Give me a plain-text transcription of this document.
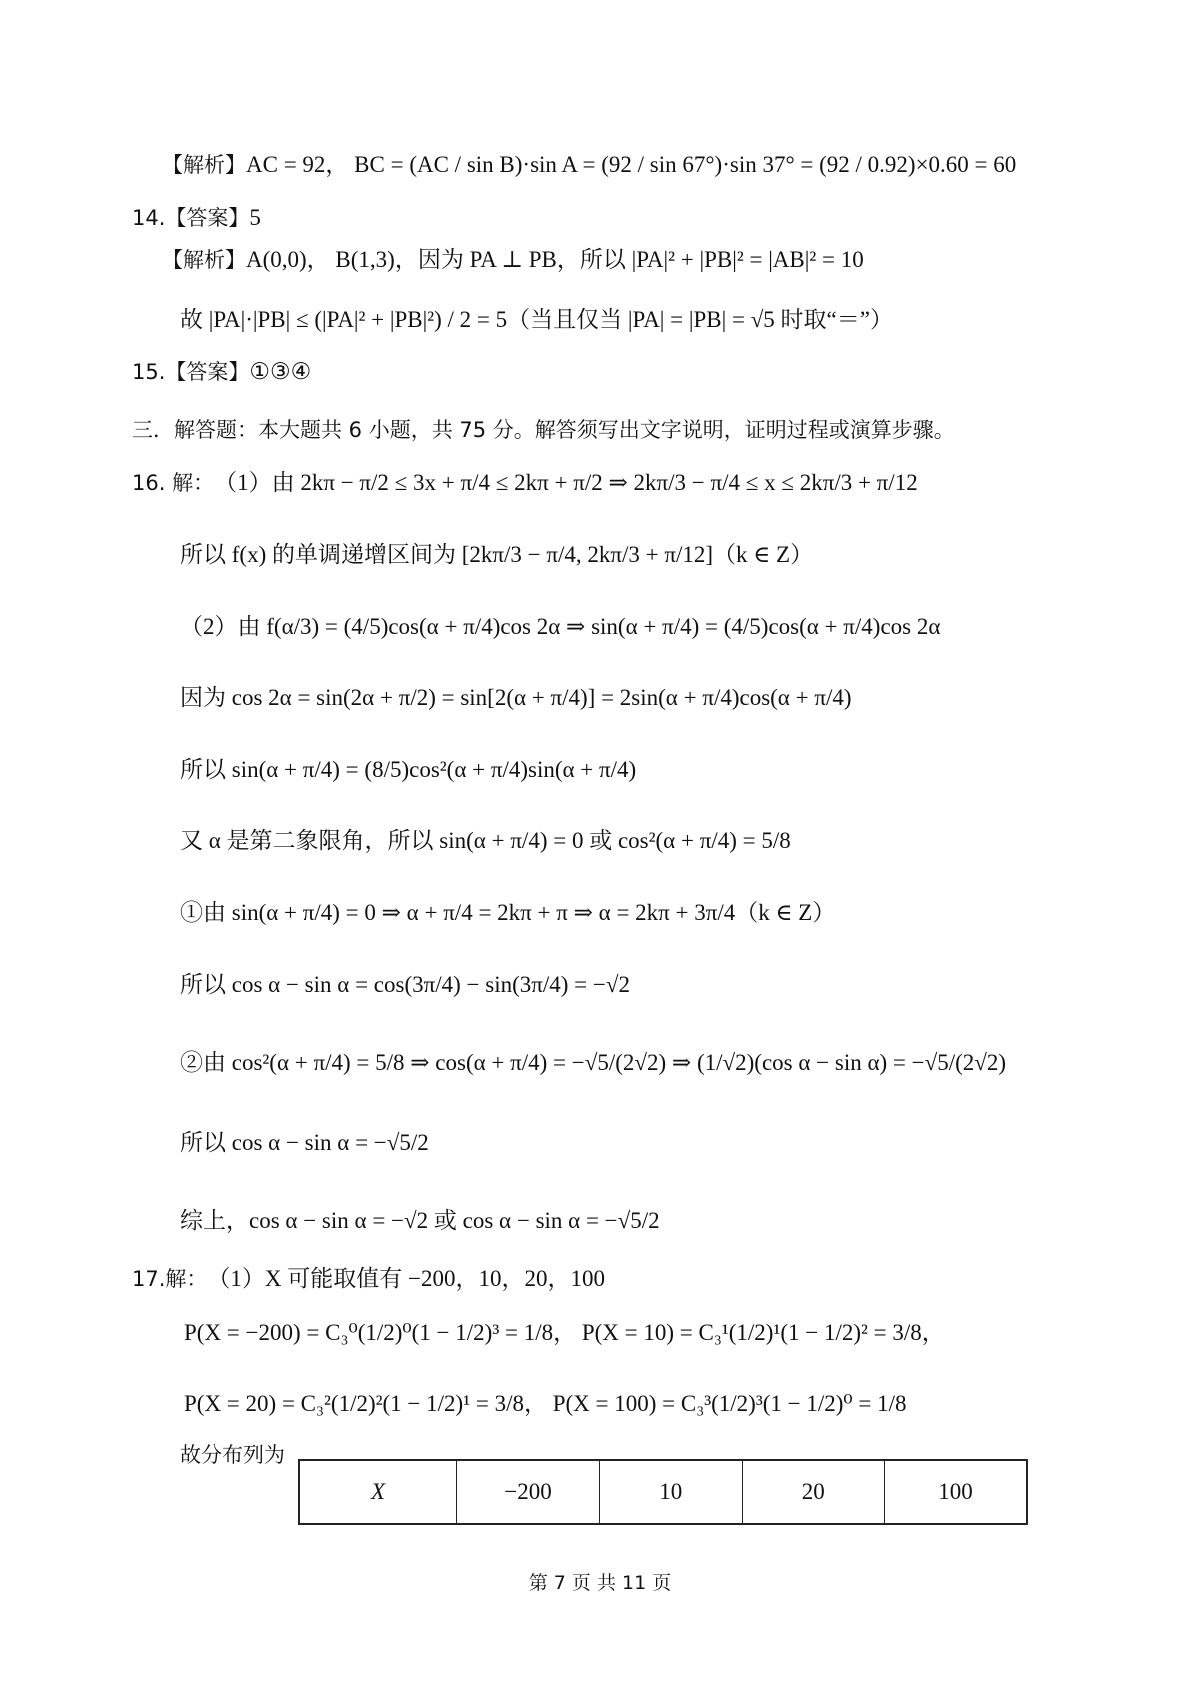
【解析】 AC = 92， BC = (AC / sin B)·sin A = (92 / sin 67°)·sin 37° = (92 / 0.92)×0.60 = 60
14.【答案】 5
【解析】 A(0,0)， B(1,3)，因为 PA ⊥ PB，所以 |PA|² + |PB|² = |AB|² = 10
故 |PA|·|PB| ≤ (|PA|² + |PB|²) / 2 = 5（当且仅当 |PA| = |PB| = √5 时取“＝”）
15.【答案】 ①③④
三．解答题：本大题共 6 小题，共 75 分。解答须写出文字说明，证明过程或演算步骤。
16. 解： （1）由 2kπ − π/2 ≤ 3x + π/4 ≤ 2kπ + π/2 ⇒ 2kπ/3 − π/4 ≤ x ≤ 2kπ/3 + π/12
所以 f(x) 的单调递增区间为 [2kπ/3 − π/4, 2kπ/3 + π/12]（k ∈ Z）
（2）由 f(α/3) = (4/5)cos(α + π/4)cos 2α ⇒ sin(α + π/4) = (4/5)cos(α + π/4)cos 2α
因为 cos 2α = sin(2α + π/2) = sin[2(α + π/4)] = 2sin(α + π/4)cos(α + π/4)
所以 sin(α + π/4) = (8/5)cos²(α + π/4)sin(α + π/4)
又 α 是第二象限角，所以 sin(α + π/4) = 0 或 cos²(α + π/4) = 5/8
①由 sin(α + π/4) = 0 ⇒ α + π/4 = 2kπ + π ⇒ α = 2kπ + 3π/4（k ∈ Z）
所以 cos α − sin α = cos(3π/4) − sin(3π/4) = −√2
②由 cos²(α + π/4) = 5/8 ⇒ cos(α + π/4) = −√5/(2√2) ⇒ (1/√2)(cos α − sin α) = −√5/(2√2)
所以 cos α − sin α = −√5/2
综上，cos α − sin α = −√2 或 cos α − sin α = −√5/2
17.解： （1）X 可能取值有 −200，10，20，100
P(X = −200) = C₃⁰(1/2)⁰(1 − 1/2)³ = 1/8， P(X = 10) = C₃¹(1/2)¹(1 − 1/2)² = 3/8，
P(X = 20) = C₃²(1/2)²(1 − 1/2)¹ = 3/8， P(X = 100) = C₃³(1/2)³(1 − 1/2)⁰ = 1/8
故分布列为
X	−200	10	20	100
第 7 页 共 11 页
